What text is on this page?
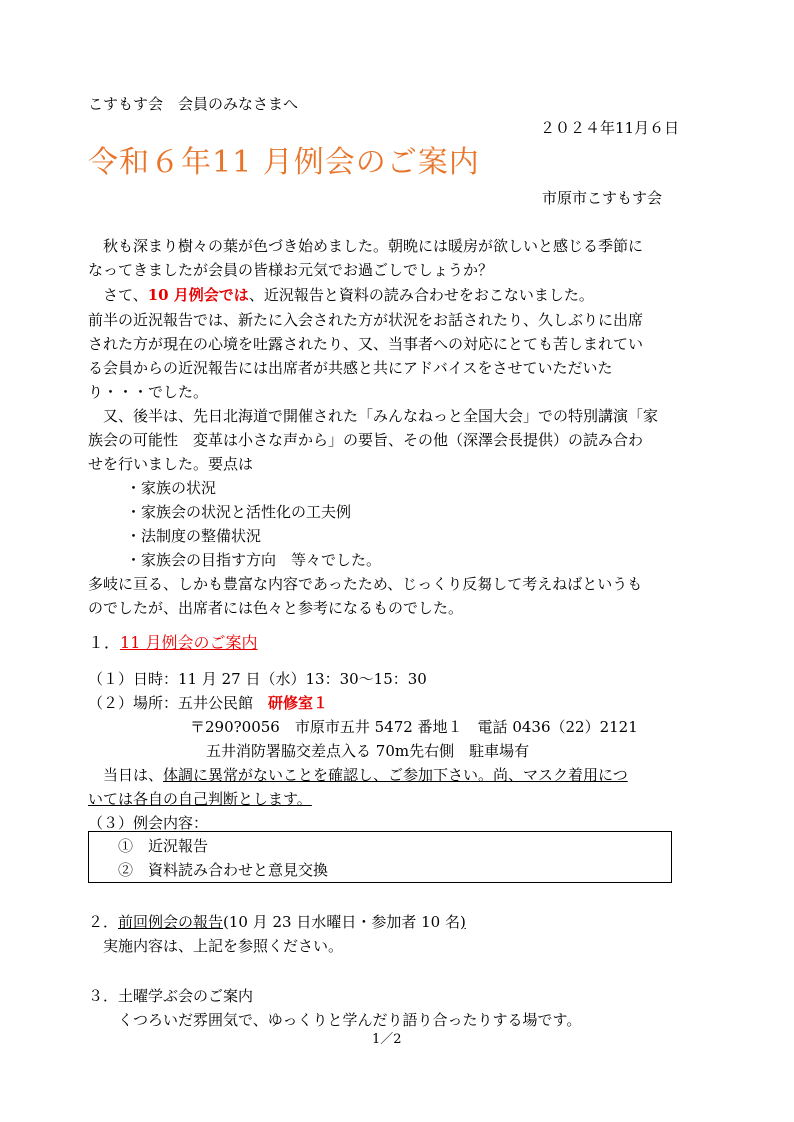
こすもす会　会員のみなさまへ
２０２４年11月６日
令和６年11 月例会のご案内
市原市こすもす会
　秋も深まり樹々の葉が色づき始めました。朝晩には暖房が欲しいと感じる季節に
なってきましたが会員の皆様お元気でお過ごしでしょうか？
　さて、10 月例会では、近況報告と資料の読み合わせをおこないました。
前半の近況報告では、新たに入会された方が状況をお話されたり、久しぶりに出席
された方が現在の心境を吐露されたり、又、当事者への対応にとても苦しまれてい
る会員からの近況報告には出席者が共感と共にアドバイスをさせていただいた
り・・・でした。
　又、後半は、先日北海道で開催された「みんなねっと全国大会」での特別講演「家
族会の可能性　変革は小さな声から」の要旨、その他（深澤会長提供）の読み合わ
せを行いました。要点は
・家族の状況
・家族会の状況と活性化の工夫例
・法制度の整備状況
・家族会の目指す方向　等々でした。
多岐に亘る、しかも豊富な内容であったため、じっくり反芻して考えねばというも
のでしたが、出席者には色々と参考になるものでした。
１．11 月例会のご案内
（１）日時：11 月 27 日（水）13：30～15：30
（２）場所：五井公民館　研修室１
〒290?0056　市原市五井 5472 番地１　電話 0436（22）2121
五井消防署脇交差点入る 70m先右側　駐車場有
　当日は、体調に異常がないことを確認し、ご参加下さい。尚、マスク着用につ
いては各自の自己判断とします。
（３）例会内容：
①　近況報告
②　資料読み合わせと意見交換
２．前回例会の報告(10 月 23 日水曜日・参加者 10 名)
実施内容は、上記を参照ください。
３．土曜学ぶ会のご案内
くつろいだ雰囲気で、ゆっくりと学んだり語り合ったりする場です。
1／2
